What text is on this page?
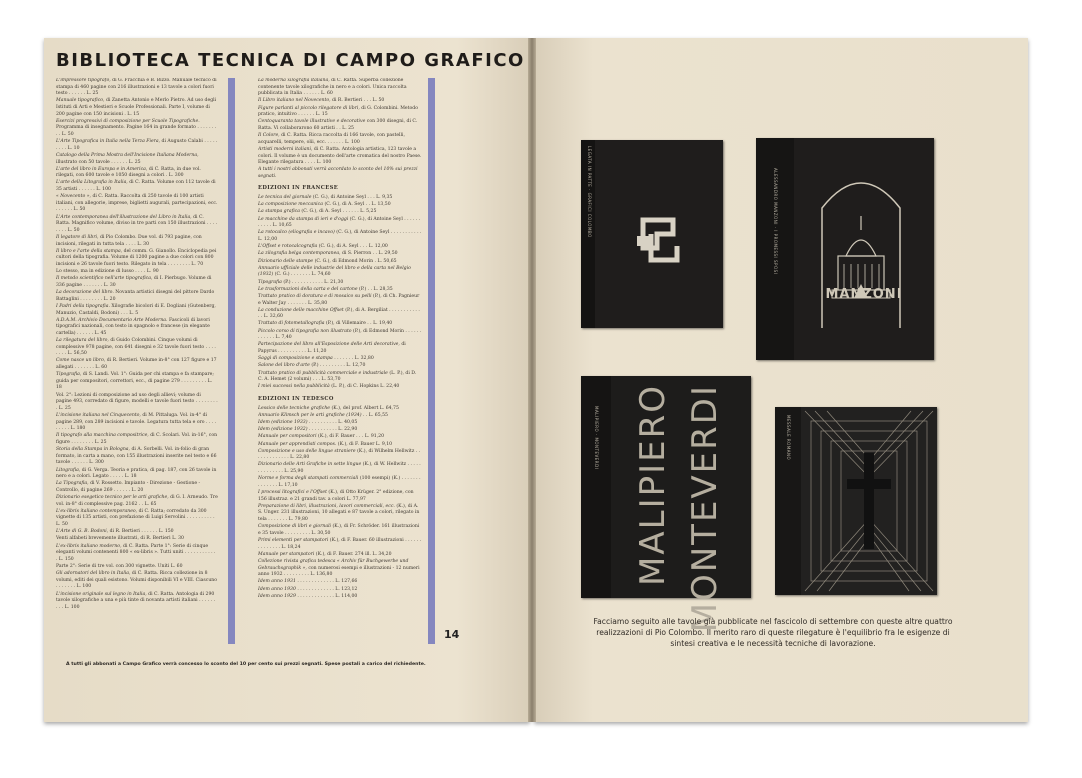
BIBLIOTECA TECNICA DI CAMPO GRAFICO
L'impressore tipografo, di G. Fracchia e B. Bizzo. Manuale tecnico di stampa di 460 pagine con 216 illustrazioni e 13 tavole a colori fuori testo . . . . . . L. 25
Manuale tipografico, di Zanetta Antonio e Merlo Pietro. Ad uso degli Istituti di Arti e Mestieri e Scuole Professionali. Parte I, volume di 200 pagine con 150 incisioni . L. 15
Esercizi progressivi di composizione per Scuole Tipografiche. Programma di insegnamento. Pagine 164 in grande formato . . . . . . . . . L. 50
L'Arte Tipografica in Italia nella Terza Fiera, di Augusto Calabi . . . . . . . . . L. 10
Catalogo della Prima Mostra dell'Incisione Italiana Moderna, illustrato con 50 tavole . . . . . . L. 25
L'arte del libro in Europa e in America, di C. Ratta, in due vol. rilegati, con 600 tavole e 1050 disegni a colori . L. 300
L'arte della Litografia in Italia, di C. Ratta. Volume con 112 tavole di 35 artisti . . . . . . L. 100
« Novecento », di C. Ratta. Raccolta di 250 tavole di 100 artisti italiani, con allegorie, imprese, biglietti augurali, partecipazioni, ecc. . . . . . . L. 50
L'Arte contemporanea dell'illustrazione del Libro in Italia, di C. Ratta. Magnifico volume, diviso in tre parti con 150 illustrazioni . . . . . . . . L. 50
Il legatore di libri, di Pio Colombo. Due vol. di 793 pagine, con incisioni, rilegati in tutta tela . . . . L. 30
Il libro e l'arte della stampa, del comm. G. Gianollo. Enciclopedia pei cultori della tipografia. Volume di 1200 pagine a due colori con 800 incisioni e 26 tavole fuori testo. Rilegato in tela . . . . . . . . L. 70
Lo stesso, ma in edizione di lusso . . . . L. 90
Il metodo scientifico nell'arte tipografica, di I. Pierbugo. Volume di 336 pagine . . . . . . . L. 30
La decorazione del libro. Novanta artistici disegni del pittore Dardo Battaglini . . . . . . . . L. 20
I Padri della tipografia. Xilografie bicolori di E. Dogliani (Gutenberg, Manuzio, Castaldi, Bodoni) . . . L. 5
A.D.A.M. Archivio Documentario Arte Moderna. Fascicoli di lavori tipografici nazionali, con testo in spagnolo e francese (in elegante cartella) . . . . . . L. 45
La rilegatura del libro, di Guido Colombini. Cinque volumi di complessive 978 pagine, con 641 disegni e 32 tavole fuori testo . . . . . . . . L. 56,50
Come nasce un libro, di R. Bertieri. Volume in-8° con 127 figure e 17 allegati . . . . . . . L. 60
Tipografia, di S. Landi. Vol. 1°: Guida per chi stampa e fa stampare; guida per compositori, correttori, ecc., di pagine 279 . . . . . . . . . L. 18
Vol. 2°: Lezioni di composizione ad uso degli allievi; volume di pagine 493, corredato di figure, modelli e tavole fuori testo . . . . . . . . . L. 25
L'incisione italiana nel Cinquecento, di M. Pittaluga. Vol. in-4° di pagine 289, con 289 incisioni e tavole. Legatura tutta tela e oro . . . . . . . . . L. 180
Il tipografo alla macchina compositrice, di C. Scolari. Vol. in-16°, con figure . . . . . . . . L. 25
Storia della Stampa in Bologna, di A. Sorbelli. Vol. in-folio di gran formato, in carta a mano, con 155 illustrazioni inserite nel testo e 66 tavole . . . . . . L. 300
Litografia, di G. Verga. Teoria e pratica, di pag. 187, con 26 tavole in nero e a colori. Legato . . . . . L. 18
La Tipografia, di V. Rossetto. Impianto - Direzione - Gestione - Controllo, di pagine 269 . . . . . . L. 20
Dizionario esegetico tecnico per le arti grafiche, di G. I. Arneudo. Tre vol. in-8° di complessive pag. 2162 . . L. 65
L'ex-libris italiano contemporaneo, di C. Ratta; corredato da 300 vignette di 135 artisti, con prefazione di Luigi Servolini . . . . . . . . . . L. 50
L'Arte di G. B. Bodoni, di R. Bertieri . . . . . . L. 150
Venti alfabeti brevemente illustrati, di R. Bertieri L. 30
L'ex-libris italiano moderno, di C. Ratta. Parte 1°: Serie di cinque eleganti volumi contenenti 800 « ex-libris ». Tutti uniti . . . . . . . . . . . . L. 150
Parte 2°: Serie di tre vol. con 300 vignette. Uniti L. 60
Gli adornatori del libro in Italia, di C. Ratta. Ricca collezione in 8 volumi, editi dei quali esistono. Volumi disponibili VI e VIII. Ciascuno . . . . . . . L. 100
L'incisione originale sul legno in Italia, di C. Ratta. Antologia di 290 tavole xilografiche a una e più tinte di novanta artisti italiani . . . . . . . . . L. 100
La moderna xilografia italiana, di C. Ratta. Superba collezione contenente tavole xilografiche in nero e a colori. Unica raccolta pubblicata in Italia . . . . . . L. 60
Il Libro italiano nel Novecento, di R. Bertieri . . . L. 50
Figure parlanti al piccolo rilegatore di libri, di G. Colombini. Metodo pratico, intuitivo . . . . . . L. 15
Centoquaranta tavole illustrative e decorative con 300 disegni, di C. Ratta. Vi collaborarono 60 artisti . . L. 25
Il Colore, di C. Ratta. Ricca raccolta di 166 tavole, con pastelli, acquarelli, tempere, olii, ecc. . . . . . . L. 100
Artisti moderni italiani, di C. Ratta. Antologia artistica, 123 tavole a colori. Il volume è un documento dell'arte cromatica del nostro Paese. Elegante rilegatura . . . . L. 100
A tutti i nostri abbonati verrà accordato lo sconto del 10% sui prezzi segnati.
EDIZIONI IN FRANCESE
Le tecnica del giornale (C. G.), di Antoine Seyl . . . L. 9,35
La composizione meccanica (C. G.), di A. Seyl . . L. 13,50
La stampa grafica (C. G.), di A. Seyl . . . . . . L. 5,25
Le macchine da stampa di ieri e d'oggi (C. G.), di Antoine Seyl . . . . . . . . . . . L. 10,65
La rotocalco (eliografia e incavo) (C. G.), di Antoine Seyl . . . . . . . . . . . L. 12,00
L'Offset e rotocalcografia (C. G.), di A. Seyl . . . L. 12,00
La zilografia belga contemporanea, di S. Pierron . . L. 29,50
Dizionario delle stampe (C. G.), di Edmond Morin . L. 50,65
Annuario ufficiale delle industrie del libro e della carta nel Belgio (1932) (C. G.) . . . . . . . L. 74,60
Tipografia (P.) . . . . . . . . . . . L. 21,30
Le trasformazioni della carta e del cartone (P.) . . L. 28,35
Trattato pratico di doratura e di mosaico su pelli (P.), di Ch. Pagnieur e Walter Jay . . . . . . . L. 35,80
La conduzione delle macchine Offset (P.), di A. Bergiliat . . . . . . . . . . . . . L. 32,60
Trattato di fotometallografia (P.), di Villemaire . . L. 19,40
Piccolo corso di tipografia non illustrato (P.), di Edmond Morin . . . . . . . . . . . . L. 7,40
Partecipazione del libro all'Esposizione delle Arti decorative, di Papyrus . . . . . . . . . . L. 11,20
Saggi di composizione e stampa . . . . . . . L. 32,80
Salone del libro d'arte (P.) . . . . . . . . . L. 12,70
Trattato pratico di pubblicità commerciale e industriale (L. P.), di D. C. A. Hemet (2 volumi) . . . L. 53,70
I miei successi nella pubblicità (L. P.), di C. Hopkins L. 22,40
EDIZIONI IN TEDESCO
Lessico delle tecniche grafiche (K.), del prof. Albert L. 64,75
Annuario Klimsch per le arti grafiche (1934) . . L. 65,55
Idem (edizione 1933) . . . . . . . . . . L. 40,05
Idem (edizione 1932) . . . . . . . . . . L. 22,90
Manuale per compositori (K.), di F. Bauer . . . L. 91,20
Manuale per apprendisti compos. (K.), di F. Bauer L. 9,10
Composizione e uso delle lingue straniere (K.), di Wilhelm Hellwitz . . . . . . . . . . . . . L. 22,80
Dizionario delle Arti Grafiche in sette lingue (K.), di W. Hellwitz . . . . . . . . . . . . . . L. 25,90
Norme e forma degli stampati commerciali (100 esempi) (K.) . . . . . . . . . . . . . . L. 17,10
I processi litografici e l'Offset (K.), di Otto Krüger. 2° edizione, con 156 illustraz. e 21 grandi tav. a colori L. 77,97
Preparazione di libri, illustrazioni, lavori commerciali, ecc. (K.), di A. S. Unger. 231 illustrazioni, 10 allegati e 87 tavole a colori, rilegato in tela . . . . . . . L. 79,80
Composizione di libri e giornali (K.), di Fr. Schröder. 161 illustrazioni e 35 tavole . . . . . . . . . L. 30,50
Primi elementi per stampatori (K.), di F. Bauer. 60 illustrazioni . . . . . . . . . . . . . . L. 18,24
Manuale per stampatori (K.), di F. Bauer. 274 ill. L. 34,20
Collezione rivista grafica tedesca « Archiv für Buchgewerbe und Gebrauchsgraphik », con numerosi esempi e illustrazioni - 12 numeri anno 1932 . . . . . . . . . L. 136,80
Idem anno 1931 . . . . . . . . . . . . . L. 127,66
Idem anno 1930 . . . . . . . . . . . . . L. 123,12
Idem anno 1929 . . . . . . . . . . . . . L. 114,00
14
A tutti gli abbonati a Campo Grafico verrà concesso lo sconto del 10 per cento sui prezzi segnati. Spese postali a carico del richiedente.
LEGATA IN PATTE · GRAFICI COLOMBO	ALESSANDRO MANZONI · I PROMESSI SPOSI
MANZONI
MALIPIERO · MONTEVERDI MALIPIERO MONTEVERDI	MESSALE ROMANO
Facciamo seguito alle tavole già pubblicate nel fascicolo di settembre con queste altre quattro realizzazioni di Pio Colombo. Il merito raro di queste rilegature è l'equilibrio fra le esigenze di sintesi creativa e le necessità tecniche di lavorazione.
